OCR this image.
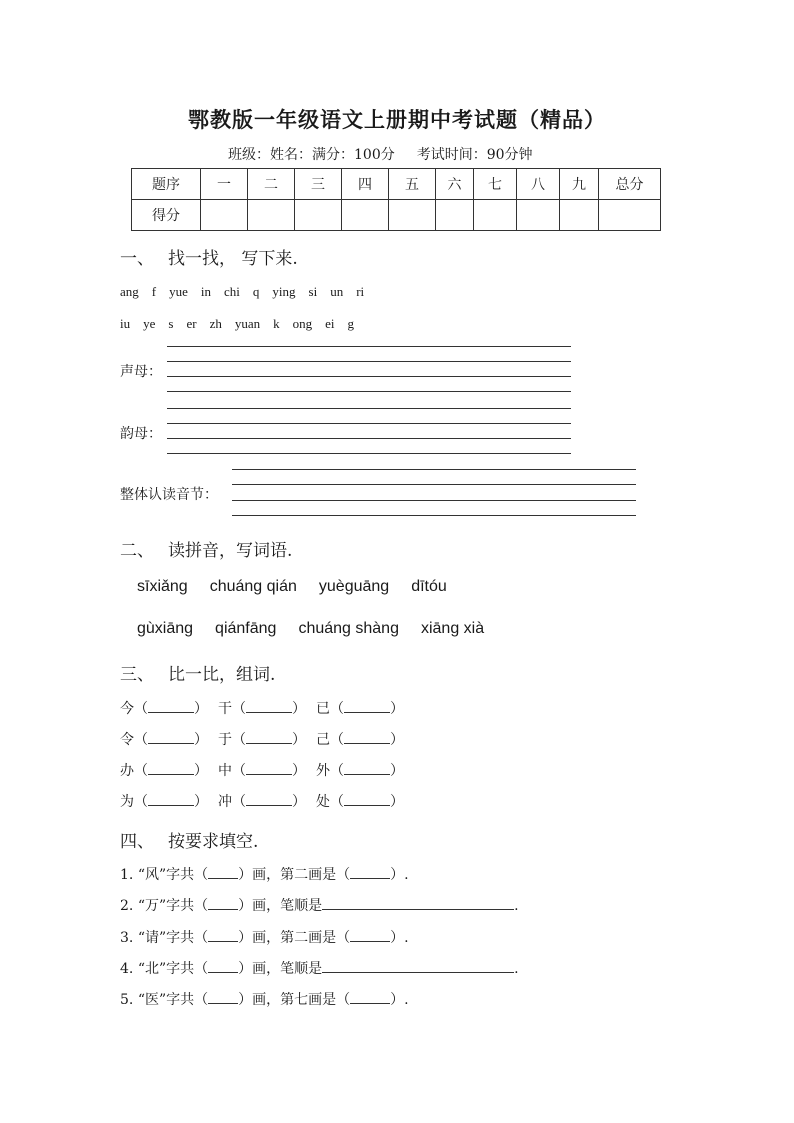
鄂教版一年级语文上册期中考试题（精品）
班级：姓名：满分：100分 考试时间：90分钟
题序	一	二	三	四	五	六	七	八	九	总分
得分										
一、 找一找， 写下来.
ang f yue in chi q ying si un ri
iu ye s er zh yuan k ong ei g
声母：
韵母：
整体认读音节：
二、 读拼音，写词语.
sīxiǎng chuáng qián yuèguāng dītóu
gùxiāng qiánfāng chuáng shàng xiāng xià
三、 比一比，组词.
今（	） 干（	） 已（	）
令（	） 于（	） 己（	）
办（	） 中（	） 外（	）
为（	） 冲（	） 处（	）
四、 按要求填空.
1. “风”字共（ ）画，第二画是（	）.
2. “万”字共（ ）画，笔顺是	.
3. “请”字共（ ）画，第二画是（	）.
4. “北”字共（ ）画，笔顺是	.
5. “医”字共（ ）画，第七画是（	）.
